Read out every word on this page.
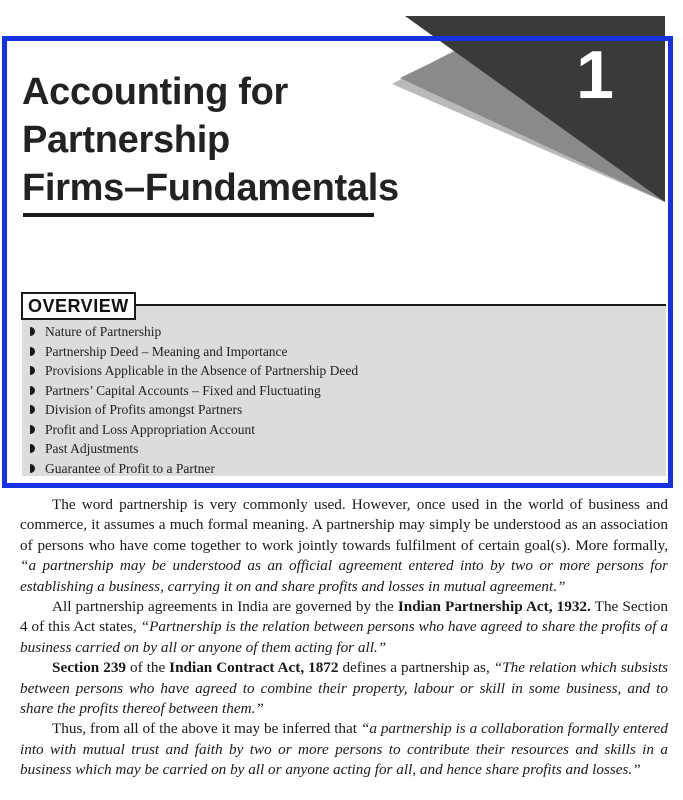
1
Accounting for
Partnership
Firms–Fundamentals
OVERVIEW
Nature of Partnership
Partnership Deed – Meaning and Importance
Provisions Applicable in the Absence of Partnership Deed
Partners’ Capital Accounts – Fixed and Fluctuating
Division of Profits amongst Partners
Profit and Loss Appropriation Account
Past Adjustments
Guarantee of Profit to a Partner

The word partnership is very commonly used. However, once used in the world of business and commerce, it assumes a much formal meaning. A partnership may simply be understood as an association of persons who have come together to work jointly towards fulfilment of certain goal(s). More formally, “a partnership may be understood as an official agreement entered into by two or more persons for establishing a business, carrying it on and share profits and losses in mutual agreement.”

All partnership agreements in India are governed by the Indian Partnership Act, 1932. The Section 4 of this Act states, “Partnership is the relation between persons who have agreed to share the profits of a business carried on by all or anyone of them acting for all.”

Section 239 of the Indian Contract Act, 1872 defines a partnership as, “The relation which subsists between persons who have agreed to combine their property, labour or skill in some business, and to share the profits thereof between them.”

Thus, from all of the above it may be inferred that “a partnership is a collaboration formally entered into with mutual trust and faith by two or more persons to contribute their resources and skills in a business which may be carried on by all or anyone acting for all, and hence share profits and losses.”
